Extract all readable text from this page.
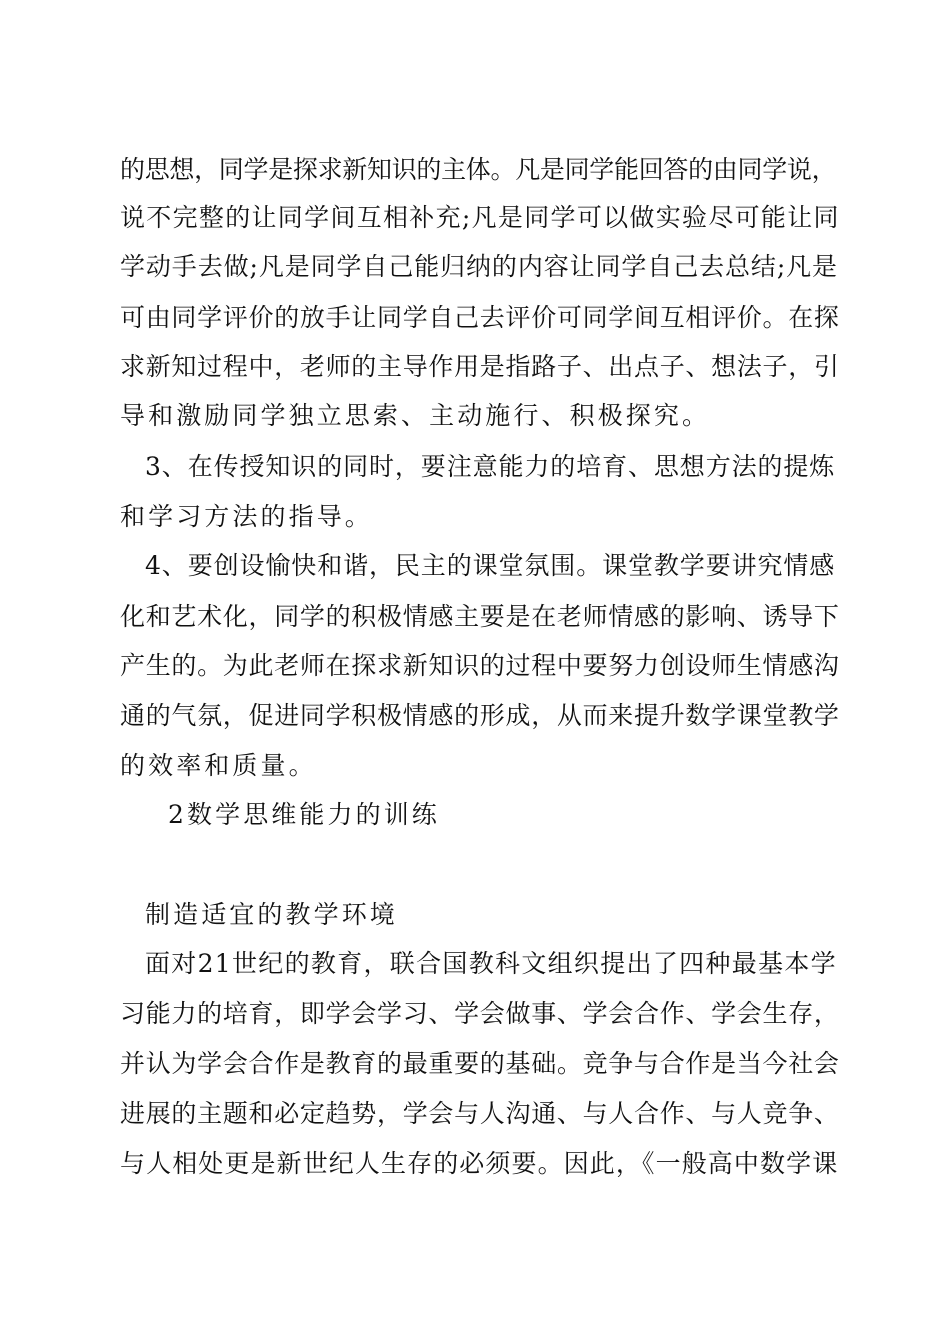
的思想，同学是探求新知识的主体。凡是同学能回答的由同学说，
说不完整的让同学间互相补充;凡是同学可以做实验尽可能让同
学动手去做;凡是同学自己能归纳的内容让同学自己去总结;凡是
可由同学评价的放手让同学自己去评价可同学间互相评价。在探
求新知过程中，老师的主导作用是指路子、出点子、想法子，引
导和激励同学独立思索、主动施行、积极探究。
3、在传授知识的同时，要注意能力的培育、思想方法的提炼
和学习方法的指导。
4、要创设愉快和谐，民主的课堂氛围。课堂教学要讲究情感
化和艺术化，同学的积极情感主要是在老师情感的影响、诱导下
产生的。为此老师在探求新知识的过程中要努力创设师生情感沟
通的气氛，促进同学积极情感的形成，从而来提升数学课堂教学
的效率和质量。
2数学思维能力的训练
制造适宜的教学环境
面对21世纪的教育，联合国教科文组织提出了四种最基本学
习能力的培育，即学会学习、学会做事、学会合作、学会生存，
并认为学会合作是教育的最重要的基础。竞争与合作是当今社会
进展的主题和必定趋势，学会与人沟通、与人合作、与人竞争、
与人相处更是新世纪人生存的必须要。因此，《一般高中数学课
